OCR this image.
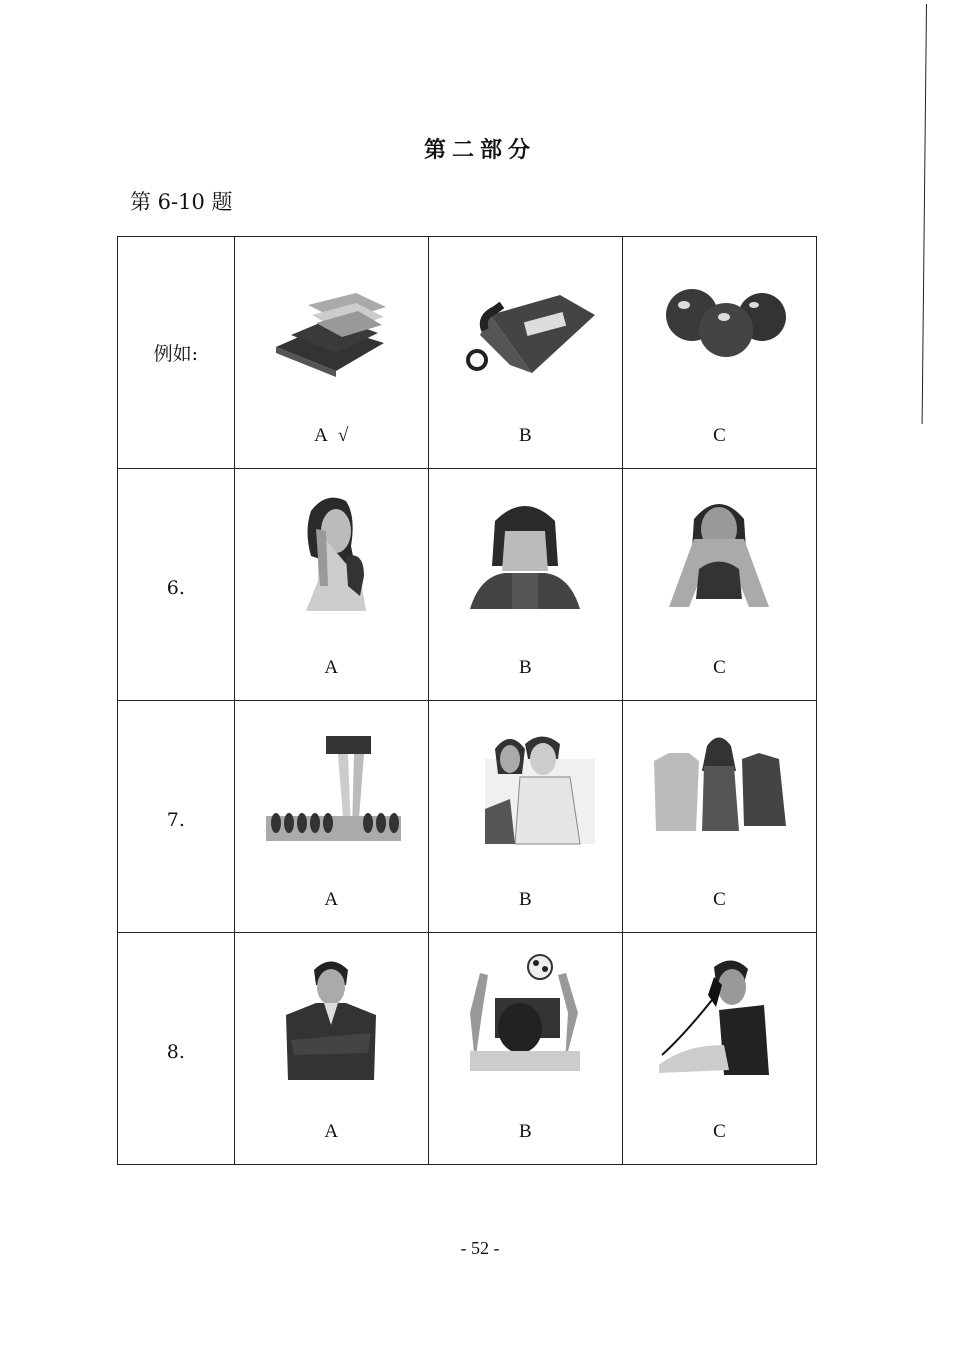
第二部分
第 6-10 题
例如:	A √	B	C

6.	A	B	C

7.	A	B	C

8.	A	B	C
- 52 -
